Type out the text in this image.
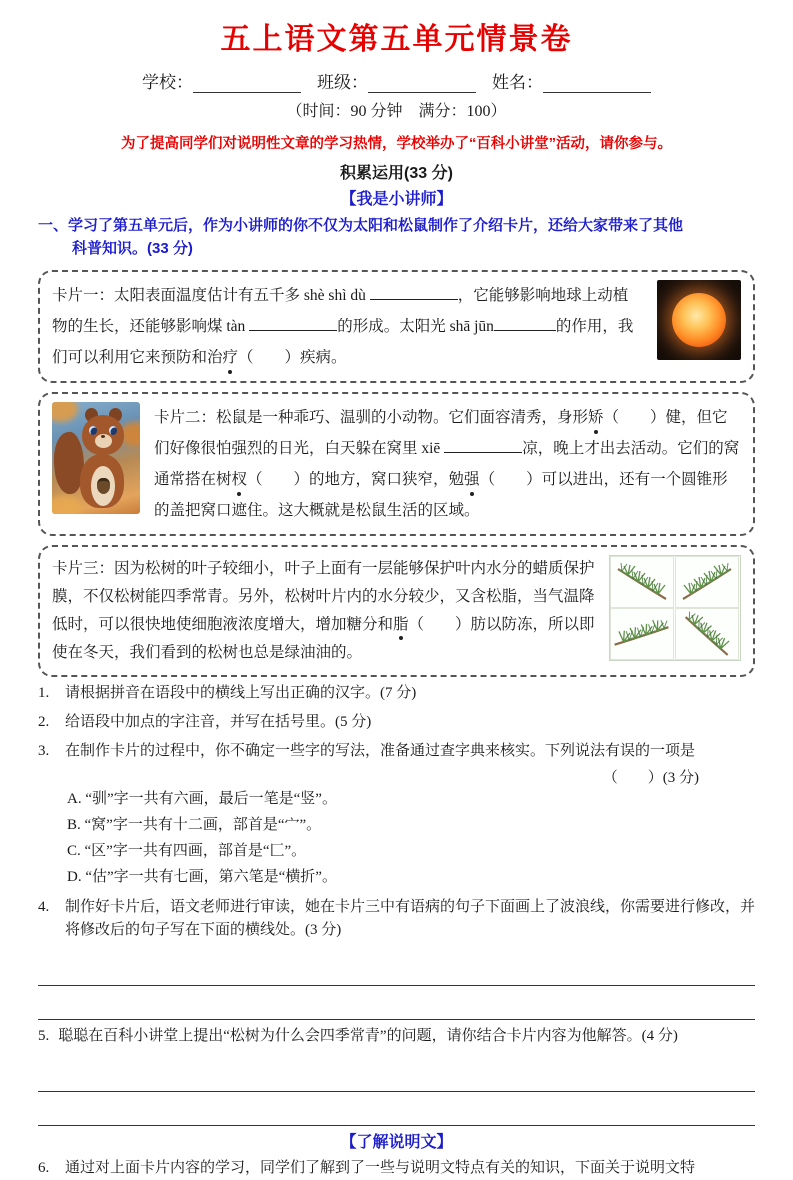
五上语文第五单元情景卷
学校：	班级：	姓名：
（时间：90 分钟　满分：100）
为了提高同学们对说明性文章的学习热情，学校举办了“百科小讲堂”活动，请你参与。
积累运用(33 分)
【我是小讲师】
一、学习了第五单元后，作为小讲师的你不仅为太阳和松鼠制作了介绍卡片，还给大家带来了其他
科普知识。(33 分)
卡片一：太阳表面温度估计有五千多 shè shì dù	，它能够影响地球上动植物的生长，还能够影响煤 tàn	的形成。太阳光 shā jūn	的作用，我们可以利用它来预防和治疗（　　）疾病。
卡片二：松鼠是一种乖巧、温驯的小动物。它们面容清秀，身形矫（　　）健，但它们好像很怕强烈的日光，白天躲在窝里 xiē	凉，晚上才出去活动。它们的窝通常搭在树杈（　　）的地方，窝口狭窄，勉强（　　）可以进出，还有一个圆锥形的盖把窝口遮住。这大概就是松鼠生活的区域。
卡片三：因为松树的叶子较细小，叶子上面有一层能够保护叶内水分的蜡质保护膜，不仅松树能四季常青。另外，松树叶片内的水分较少，又含松脂，当气温降低时，可以很快地使细胞液浓度增大，增加糖分和脂（　　）肪以防冻，所以即使在冬天，我们看到的松树也总是绿油油的。
1.	请根据拼音在语段中的横线上写出正确的汉字。(7 分)
2.	给语段中加点的字注音，并写在括号里。(5 分)
3.	在制作卡片的过程中，你不确定一些字的写法，准备通过查字典来核实。下列说法有误的一项是
（　　）(3 分)
A. “驯”字一共有六画，最后一笔是“竖”。
B. “窝”字一共有十二画，部首是“宀”。
C. “区”字一共有四画，部首是“匚”。
D. “估”字一共有七画，第六笔是“横折”。
4.	制作好卡片后，语文老师进行审读，她在卡片三中有语病的句子下面画上了波浪线，你需要进行修改，并将修改后的句子写在下面的横线处。(3 分)
5. 聪聪在百科小讲堂上提出“松树为什么会四季常青”的问题，请你结合卡片内容为他解答。(4 分)
【了解说明文】
6.	通过对上面卡片内容的学习，同学们了解到了一些与说明文特点有关的知识，下面关于说明文特
